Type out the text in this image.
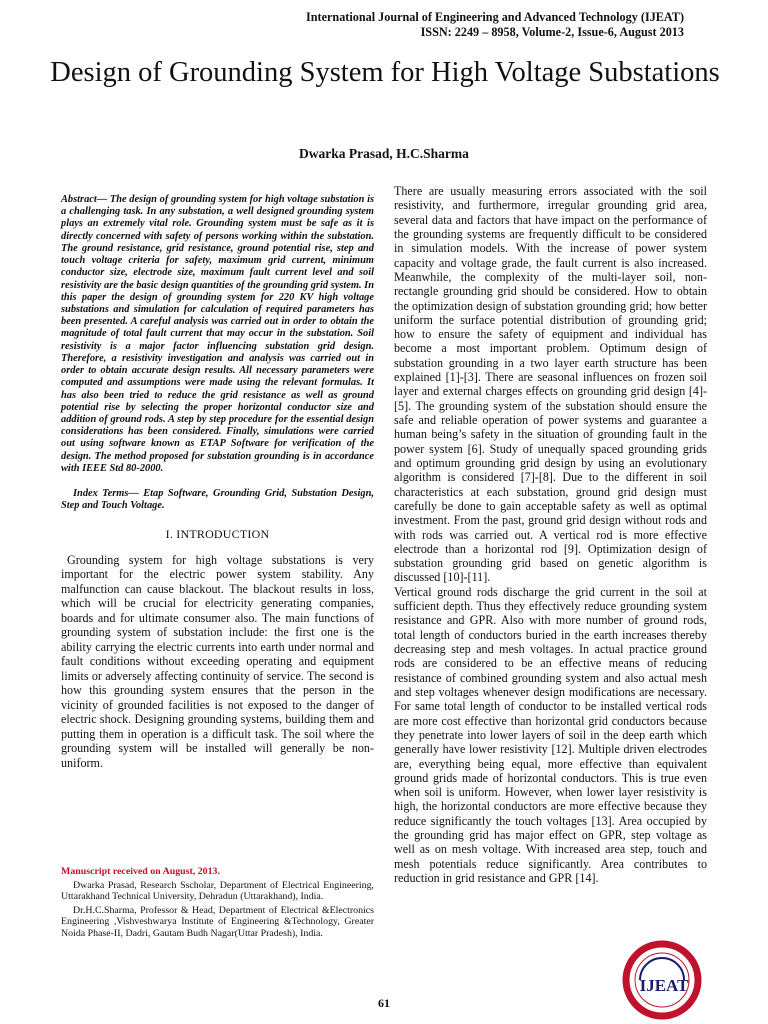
International Journal of Engineering and Advanced Technology (IJEAT)
ISSN: 2249 – 8958, Volume-2, Issue-6, August 2013
Design of Grounding System for High Voltage Substations
Dwarka Prasad, H.C.Sharma

Abstract— The design of grounding system for high voltage substation is a challenging task. In any substation, a well designed grounding system plays an extremely vital role. Grounding system must be safe as it is directly concerned with safety of persons working within the substation. The ground resistance, grid resistance, ground potential rise, step and touch voltage criteria for safety, maximum grid current, minimum conductor size, electrode size, maximum fault current level and soil resistivity are the basic design quantities of the grounding grid system. In this paper the design of grounding system for 220 KV high voltage substations and simulation for calculation of required parameters has been presented. A careful analysis was carried out in order to obtain the magnitude of total fault current that may occur in the substation. Soil resistivity is a major factor influencing substation grid design. Therefore, a resistivity investigation and analysis was carried out in order to obtain accurate design results. All necessary parameters were computed and assumptions were made using the relevant formulas. It has also been tried to reduce the grid resistance as well as ground potential rise by selecting the proper horizontal conductor size and addition of ground rods. A step by step procedure for the essential design considerations has been considered. Finally, simulations were carried out using software known as ETAP Software for verification of the design. The method proposed for substation grounding is in accordance with IEEE Std 80-2000.

Index Terms— Etap Software, Grounding Grid, Substation Design, Step and Touch Voltage.

I. INTRODUCTION

Grounding system for high voltage substations is very important for the electric power system stability. Any malfunction can cause blackout. The blackout results in loss, which will be crucial for electricity generating companies, boards and for ultimate consumer also. The main functions of grounding system of substation include: the first one is the ability carrying the electric currents into earth under normal and fault conditions without exceeding operating and equipment limits or adversely affecting continuity of service. The second is how this grounding system ensures that the person in the vicinity of grounded facilities is not exposed to the danger of electric shock. Designing grounding systems, building them and putting them in operation is a difficult task. The soil where the grounding system will be installed will generally be non-uniform.

There are usually measuring errors associated with the soil resistivity, and furthermore, irregular grounding grid area, several data and factors that have impact on the performance of the grounding systems are frequently difficult to be considered in simulation models. With the increase of power system capacity and voltage grade, the fault current is also increased. Meanwhile, the complexity of the multi-layer soil, non-rectangle grounding grid should be considered. How to obtain the optimization design of substation grounding grid; how better uniform the surface potential distribution of grounding grid; how to ensure the safety of equipment and individual has become a most important problem. Optimum design of substation grounding in a two layer earth structure has been explained [1]-[3]. There are seasonal influences on frozen soil layer and external charges effects on grounding grid design [4]-[5]. The grounding system of the substation should ensure the safe and reliable operation of power systems and guarantee a human being’s safety in the situation of grounding fault in the power system [6]. Study of unequally spaced grounding grids and optimum grounding grid design by using an evolutionary algorithm is considered [7]-[8]. Due to the different in soil characteristics at each substation, ground grid design must carefully be done to gain acceptable safety as well as optimal investment. From the past, ground grid design without rods and with rods was carried out. A vertical rod is more effective electrode than a horizontal rod [9]. Optimization design of substation grounding grid based on genetic algorithm is discussed [10]-[11].

Vertical ground rods discharge the grid current in the soil at sufficient depth. Thus they effectively reduce grounding system resistance and GPR. Also with more number of ground rods, total length of conductors buried in the earth increases thereby decreasing step and mesh voltages. In actual practice ground rods are considered to be an effective means of reducing resistance of combined grounding system and also actual mesh and step voltages whenever design modifications are necessary. For same total length of conductor to be installed vertical rods are more cost effective than horizontal grid conductors because they penetrate into lower layers of soil in the deep earth which generally have lower resistivity [12]. Multiple driven electrodes are, everything being equal, more effective than equivalent ground grids made of horizontal conductors. This is true even when soil is uniform. However, when lower layer resistivity is high, the horizontal conductors are more effective because they reduce significantly the touch voltages [13]. Area occupied by the grounding grid has major effect on GPR, step voltage as well as on mesh voltage. With increased area step, touch and mesh potentials reduce significantly. Area contributes to reduction in grid resistance and GPR [14].

Manuscript received on August, 2013.

Dwarka Prasad, Research Sscholar, Department of Electrical Engineering, Uttarakhand Technical University, Dehradun (Uttarakhand), India.

Dr.H.C.Sharma, Professor & Head, Department of Electrical &Electronics Engineering ,Vishveshwarya Institute of Engineering &Technology, Greater Noida Phase-II, Dadri, Gautam Budh Nagar(Uttar Pradesh), India.

61
IJEAT
